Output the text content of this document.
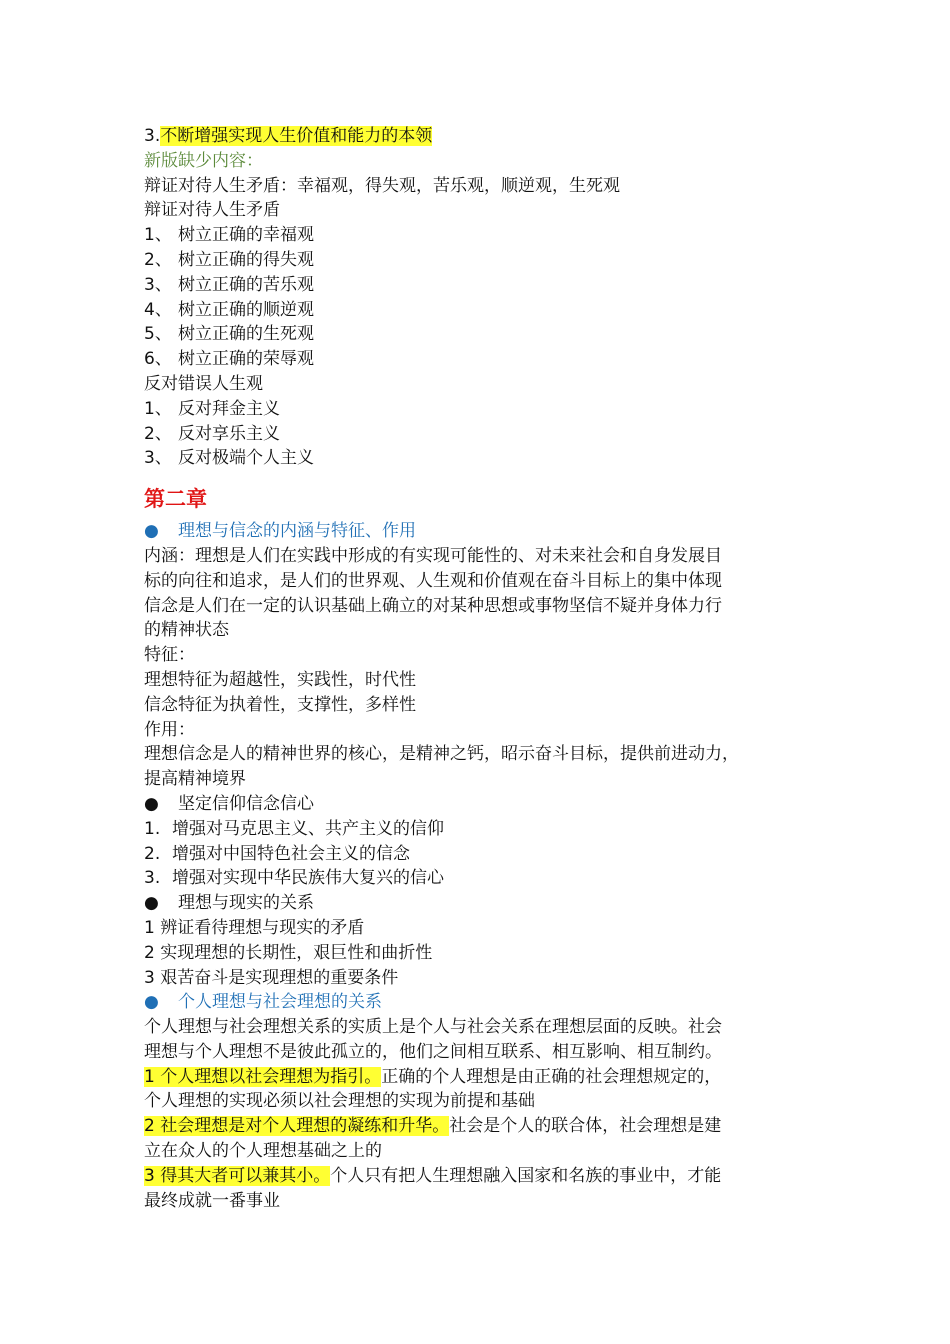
3.不断增强实现人生价值和能力的本领
新版缺少内容：
辩证对待人生矛盾：幸福观，得失观，苦乐观，顺逆观，生死观
辩证对待人生矛盾
1、 树立正确的幸福观
2、 树立正确的得失观
3、 树立正确的苦乐观
4、 树立正确的顺逆观
5、 树立正确的生死观
6、 树立正确的荣辱观
反对错误人生观
1、 反对拜金主义
2、 反对享乐主义
3、 反对极端个人主义
第二章
● 理想与信念的内涵与特征、作用
内涵：理想是人们在实践中形成的有实现可能性的、对未来社会和自身发展目
标的向往和追求，是人们的世界观、人生观和价值观在奋斗目标上的集中体现
信念是人们在一定的认识基础上确立的对某种思想或事物坚信不疑并身体力行
的精神状态
特征：
理想特征为超越性，实践性，时代性
信念特征为执着性，支撑性，多样性
作用：
理想信念是人的精神世界的核心，是精神之钙，昭示奋斗目标，提供前进动力，
提高精神境界
● 坚定信仰信念信心
1. 增强对马克思主义、共产主义的信仰
2. 增强对中国特色社会主义的信念
3. 增强对实现中华民族伟大复兴的信心
● 理想与现实的关系
1 辨证看待理想与现实的矛盾
2 实现理想的长期性，艰巨性和曲折性
3 艰苦奋斗是实现理想的重要条件
● 个人理想与社会理想的关系
个人理想与社会理想关系的实质上是个人与社会关系在理想层面的反映。社会
理想与个人理想不是彼此孤立的，他们之间相互联系、相互影响、相互制约。
1 个人理想以社会理想为指引。正确的个人理想是由正确的社会理想规定的，
个人理想的实现必须以社会理想的实现为前提和基础
2 社会理想是对个人理想的凝练和升华。社会是个人的联合体，社会理想是建
立在众人的个人理想基础之上的
3 得其大者可以兼其小。个人只有把人生理想融入国家和名族的事业中，才能
最终成就一番事业
